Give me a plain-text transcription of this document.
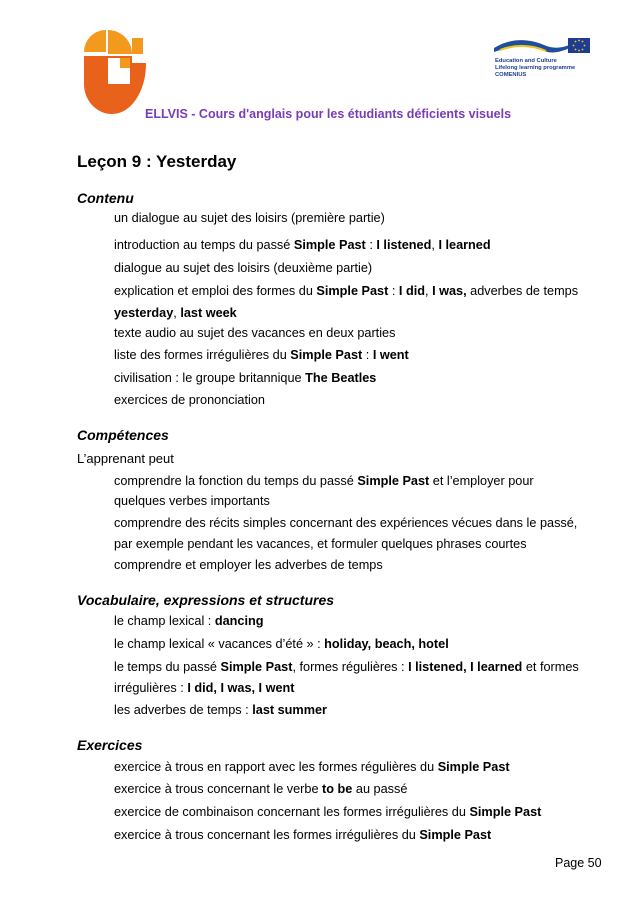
Education and Culture
Lifelong learning programme
COMENIUS
ELLVIS - Cours d'anglais pour les étudiants déficients visuels
Leçon 9 : Yesterday
Contenu
un dialogue au sujet des loisirs (première partie)
introduction au temps du passé Simple Past : I listened, I learned
dialogue au sujet des loisirs (deuxième partie)
explication et emploi des formes du Simple Past : I did, I was, adverbes de temps
yesterday, last week
texte audio au sujet des vacances en deux parties
liste des formes irrégulières du Simple Past : I went
civilisation : le groupe britannique The Beatles
exercices de prononciation
Compétences
L’apprenant peut
comprendre la fonction du temps du passé Simple Past et l’employer pour
quelques verbes importants
comprendre des récits simples concernant des expériences vécues dans le passé,
par exemple pendant les vacances, et formuler quelques phrases courtes
comprendre et employer les adverbes de temps
Vocabulaire, expressions et structures
le champ lexical : dancing
le champ lexical « vacances d’été » : holiday, beach, hotel
le temps du passé Simple Past, formes régulières : I listened, I learned et formes
irrégulières : I did, I was, I went
les adverbes de temps : last summer
Exercices
exercice à trous en rapport avec les formes régulières du Simple Past
exercice à trous concernant le verbe to be au passé
exercice de combinaison concernant les formes irrégulières du Simple Past
exercice à trous concernant les formes irrégulières du Simple Past
Page 50
